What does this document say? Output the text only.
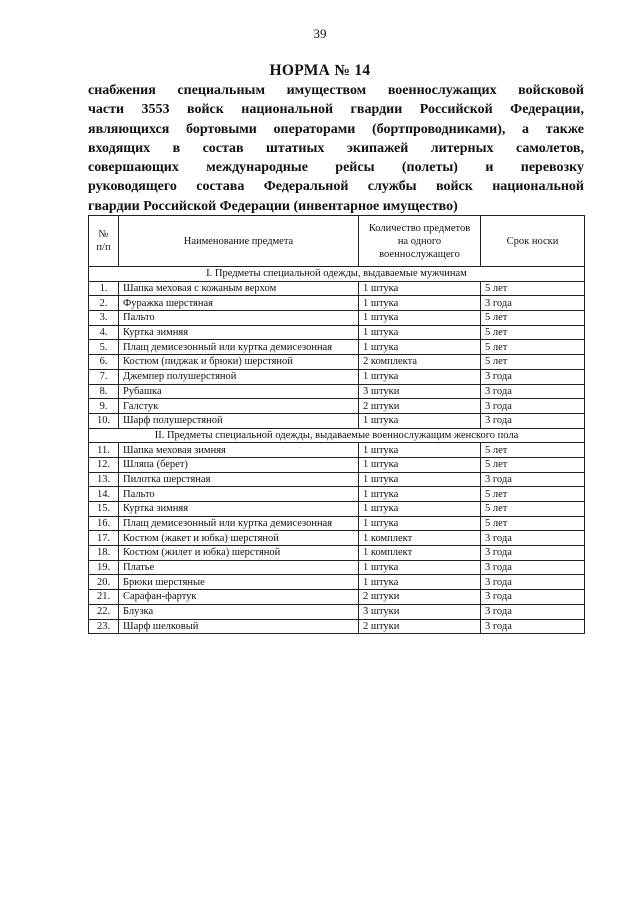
39
НОРМА № 14
снабжения специальным имуществом военнослужащих войсковой
части 3553 войск национальной гвардии Российской Федерации,
являющихся бортовыми операторами (бортпроводниками), а также
входящих в состав штатных экипажей литерных самолетов,
совершающих международные рейсы (полеты) и перевозку
руководящего состава Федеральной службы войск национальной
гвардии Российской Федерации (инвентарное имущество)
№ п/п	Наименование предмета	Количество предметов на одного военнослужащего	Срок носки
I. Предметы специальной одежды, выдаваемые мужчинам			
1.	Шапка меховая с кожаным верхом	1 штука	5 лет
2.	Фуражка шерстяная	1 штука	3 года
3.	Пальто	1 штука	5 лет
4.	Куртка зимняя	1 штука	5 лет
5.	Плащ демисезонный или куртка демисезонная	1 штука	5 лет
6.	Костюм (пиджак и брюки) шерстяной	2 комплекта	5 лет
7.	Джемпер полушерстяной	1 штука	3 года
8.	Рубашка	3 штуки	3 года
9.	Галстук	2 штуки	3 года
10.	Шарф полушерстяной	1 штука	3 года
II. Предметы специальной одежды, выдаваемые военнослужащим женского пола			
11.	Шапка меховая зимняя	1 штука	5 лет
12.	Шляпа (берет)	1 штука	5 лет
13.	Пилотка шерстяная	1 штука	3 года
14.	Пальто	1 штука	5 лет
15.	Куртка зимняя	1 штука	5 лет
16.	Плащ демисезонный или куртка демисезонная	1 штука	5 лет
17.	Костюм (жакет и юбка) шерстяной	1 комплект	3 года
18.	Костюм (жилет и юбка) шерстяной	1 комплект	3 года
19.	Платье	1 штука	3 года
20.	Брюки шерстяные	1 штука	3 года
21.	Сарафан-фартук	2 штуки	3 года
22.	Блузка	3 штуки	3 года
23.	Шарф шелковый	2 штуки	3 года
